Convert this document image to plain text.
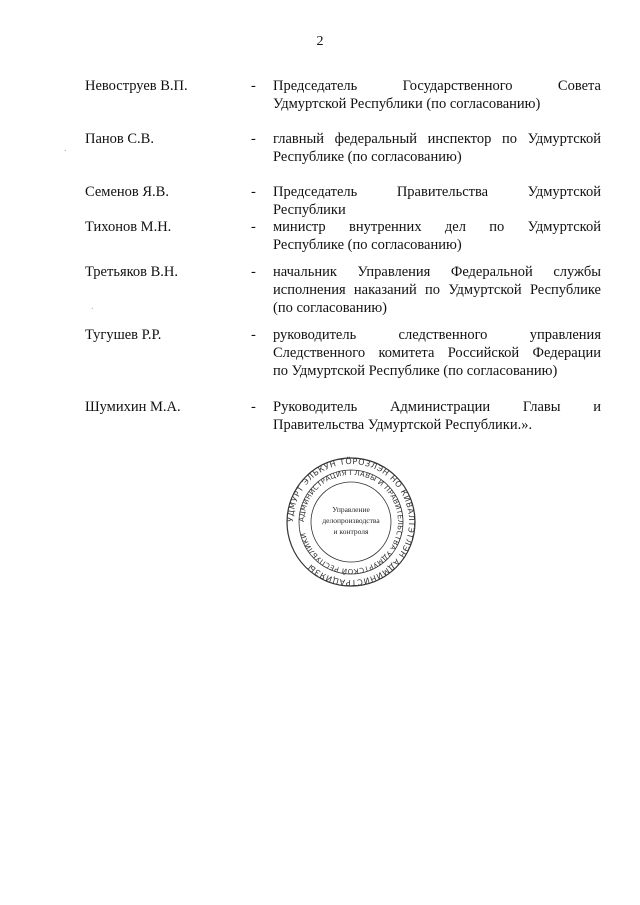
2
Невоструев В.П.	- Председатель Государственного Совета
Удмуртской Республики (по согласованию)
Панов С.В.	- главный федеральный инспектор по Удмуртской
Республике (по согласованию)
Семенов Я.В.	- Председатель Правительства Удмуртской Республики
Тихонов М.Н.	- министр внутренних дел по Удмуртской
Республике (по согласованию)
Третьяков В.Н.	- начальник Управления Федеральной службы
исполнения наказаний по Удмуртской Республике
(по согласованию)
Тугушев Р.Р.	- руководитель следственного управления
Следственного комитета Российской Федерации
по Удмуртской Республике (по согласованию)
Шумихин М.А.	- Руководитель Администрации Главы и
Правительства Удмуртской Республики.».
УДМУРТ ЭЛЬКУН ТӦРОЗЛЭН НО КИВАЛТЭТЛЭН АДМИНИСТРАЦИЯЗЫ
АДМИНИСТРАЦИЯ ГЛАВЫ И ПРАВИТЕЛЬСТВА УДМУРТСКОЙ РЕСПУБЛИКИ
Управление
делопроизводства
и контроля
.
.
